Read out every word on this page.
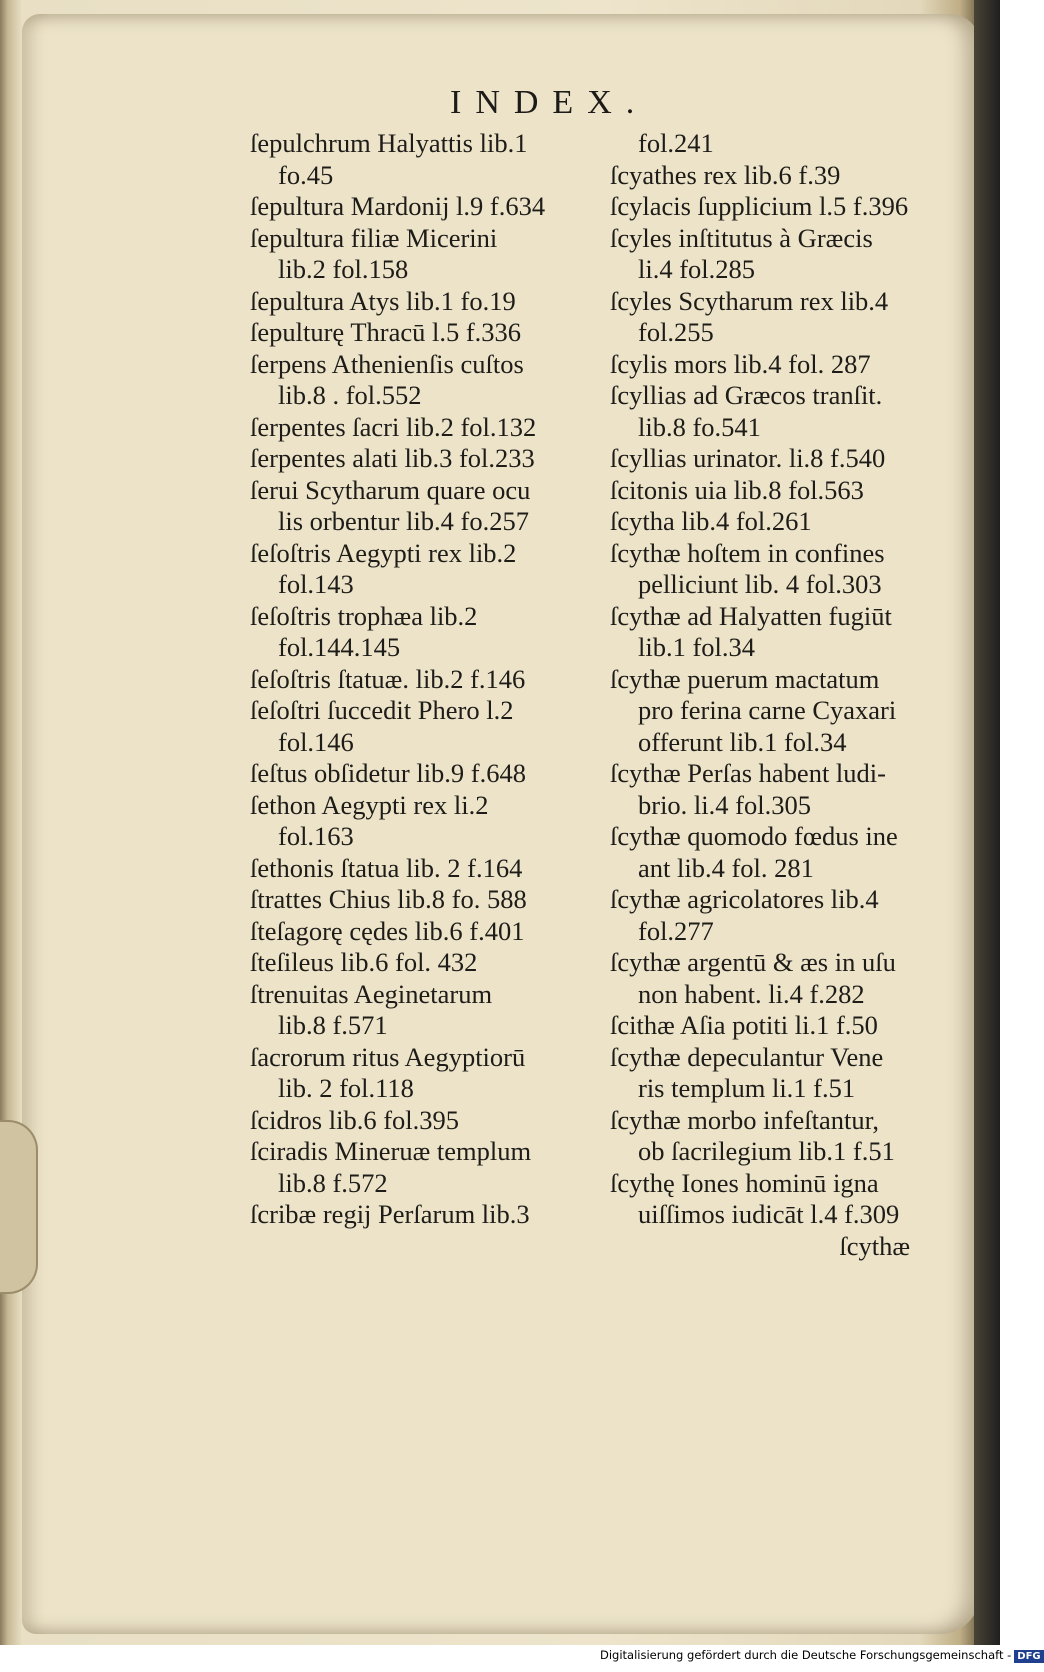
INDEX.
ſepulchrum Halyattis lib.1
fo.45
ſepultura Mardonij l.9 f.634
ſepultura filiæ Micerini
lib.2 fol.158
ſepultura Atys lib.1 fo.19
ſepulturę Thracū l.5 f.336
ſerpens Athenienſis cuſtos
lib.8 . fol.552
ſerpentes ſacri lib.2 fol.132
ſerpentes alati lib.3 fol.233
ſerui Scytharum quare ocu
lis orbentur lib.4 fo.257
ſeſoſtris Aegypti rex lib.2
fol.143
ſeſoſtris trophæa lib.2
fol.144.145
ſeſoſtris ſtatuæ. lib.2 f.146
ſeſoſtri ſuccedit Phero l.2
fol.146
ſeſtus obſidetur lib.9 f.648
ſethon Aegypti rex li.2
fol.163
ſethonis ſtatua lib. 2 f.164
ſtrattes Chius lib.8 fo. 588
ſteſagorę cędes lib.6 f.401
ſteſileus lib.6 fol. 432
ſtrenuitas Aeginetarum
lib.8 f.571
ſacrorum ritus Aegyptiorū
lib. 2 fol.118
ſcidros lib.6 fol.395
ſciradis Mineruæ templum
lib.8 f.572
ſcribæ regij Perſarum lib.3
fol.241
ſcyathes rex lib.6 f.39
ſcylacis ſupplicium l.5 f.396
ſcyles inſtitutus à Græcis
li.4 fol.285
ſcyles Scytharum rex lib.4
fol.255
ſcylis mors lib.4 fol. 287
ſcyllias ad Græcos tranſit.
lib.8 fo.541
ſcyllias urinator. li.8 f.540
ſcitonis uia lib.8 fol.563
ſcytha lib.4 fol.261
ſcythæ hoſtem in confines
pelliciunt lib. 4 fol.303
ſcythæ ad Halyatten fugiūt
lib.1 fol.34
ſcythæ puerum mactatum
pro ferina carne Cyaxari
offerunt lib.1 fol.34
ſcythæ Perſas habent ludi-
brio. li.4 fol.305
ſcythæ quomodo fœdus ine
ant lib.4 fol. 281
ſcythæ agricolatores lib.4
fol.277
ſcythæ argentū & æs in uſu
non habent. li.4 f.282
ſcithæ Aſia potiti li.1 f.50
ſcythæ depeculantur Vene
ris templum li.1 f.51
ſcythæ morbo infeſtantur,
ob ſacrilegium lib.1 f.51
ſcythę Iones hominū igna
uiſſimos iudicāt l.4 f.309
ſcythæ
Digitalisierung gefördert durch die Deutsche Forschungsgemeinschaft - DFG
